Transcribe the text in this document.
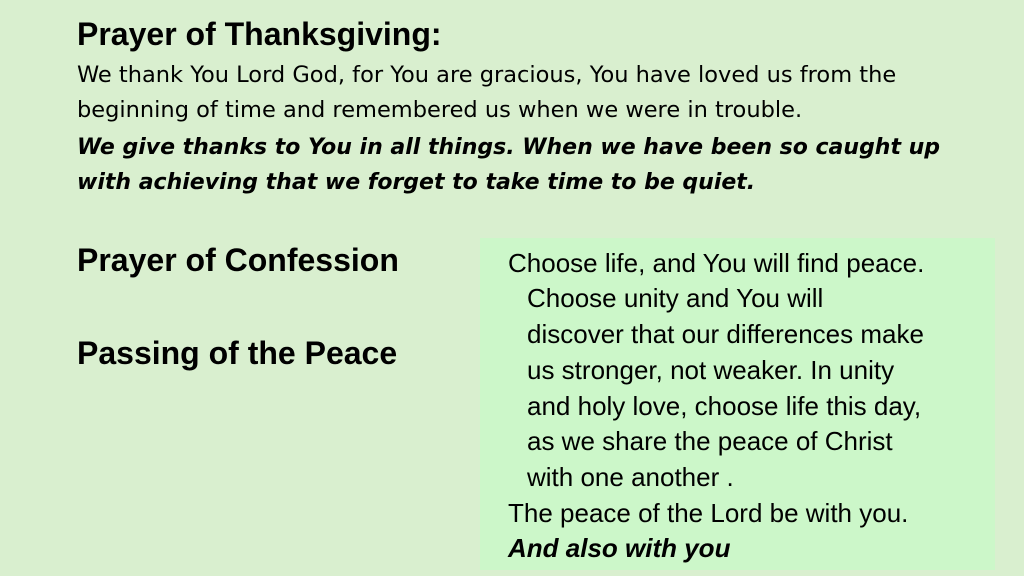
Prayer of Thanksgiving:
We thank You Lord God, for You are gracious, You have loved us from the
beginning of time and remembered us when we were in trouble.
We give thanks to You in all things. When we have been so caught up
with achieving that we forget to take time to be quiet.
Prayer of Confession
Passing of the Peace
Choose life, and You will find peace.
Choose unity and You will
discover that our differences make
us stronger, not weaker. In unity
and holy love, choose life this day,
as we share the peace of Christ
with one another .
The peace of the Lord be with you.
And also with you
